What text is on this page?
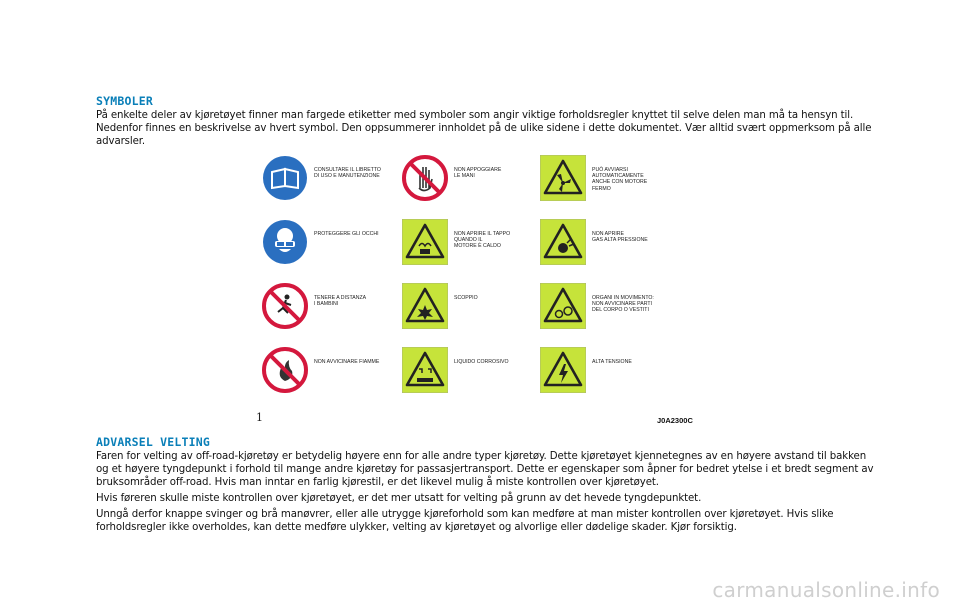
SYMBOLER
På enkelte deler av kjøretøyet finner man fargede etiketter med symboler som angir viktige forholdsregler knyttet til selve delen man må ta hensyn til. Nedenfor finnes en beskrivelse av hvert symbol. Den oppsummerer innholdet på de ulike sidene i dette dokumentet. Vær alltid svært oppmerksom på alle advarsler.
CONSULTARE IL LIBRETTO
DI USO E MANUTENZIONE
NON APPOGGIARE
LE MANI
PUÒ AVVIARSI
AUTOMATICAMENTE
ANCHE CON MOTORE
FERMO
PROTEGGERE GLI OCCHI	NON APRIRE IL TAPPO
QUANDO IL
MOTORE È CALDO
NON APRIRE
GAS ALTA PRESSIONE
TENERE A DISTANZA
I BAMBINI
SCOPPIO	ORGANI IN MOVIMENTO:
NON AVVICINARE PARTI
DEL CORPO O VESTITI
NON AVVICINARE FIAMME	LIQUIDO CORROSIVO	ALTA TENSIONE
1	J0A2300C
ADVARSEL VELTING
Faren for velting av off-road-kjøretøy er betydelig høyere enn for alle andre typer kjøretøy. Dette kjøretøyet kjennetegnes av en høyere avstand til bakken og et høyere tyngdepunkt i forhold til mange andre kjøretøy for passasjertransport. Dette er egenskaper som åpner for bedret ytelse i et bredt segment av bruksområder off-road. Hvis man inntar en farlig kjørestil, er det likevel mulig å miste kontrollen over kjøretøyet.
Hvis føreren skulle miste kontrollen over kjøretøyet, er det mer utsatt for velting på grunn av det hevede tyngdepunktet.
Unngå derfor knappe svinger og brå manøvrer, eller alle utrygge kjøreforhold som kan medføre at man mister kontrollen over kjøretøyet. Hvis slike forholdsregler ikke overholdes, kan dette medføre ulykker, velting av kjøretøyet og alvorlige eller dødelige skader. Kjør forsiktig.
carmanualsonline.info
